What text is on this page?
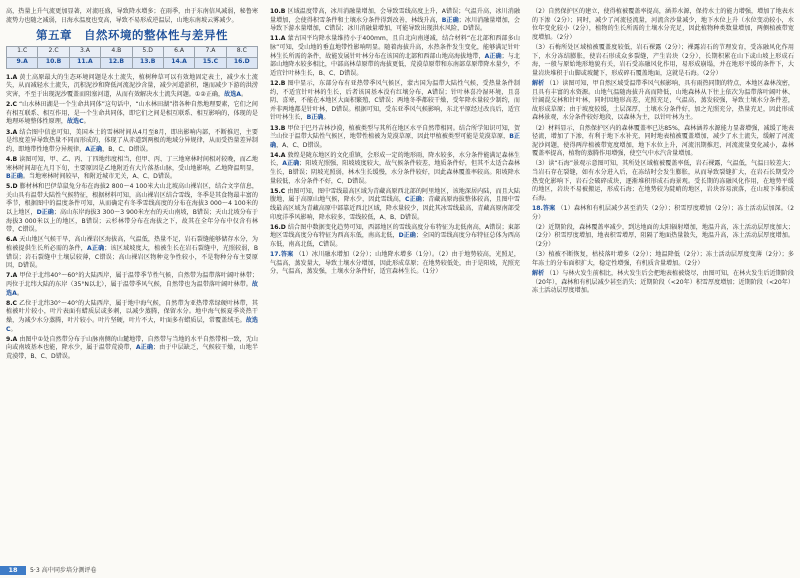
高，热量上升气流更加显著，对流旺盛，导致降水增多；在雨季，由于东南信风减弱，秘鲁寒流势力也随之减弱，日海水温度也变高，导致不易形成逆温层，山地东南坡云雾减少。

第五章　自然环境的整体性与差异性
1.C	2.C	3.A	4.B	5.D	6.A	7.A	8.C
9.A	10.B	11.A	12.B	13.B	14.A	15.C	16.D

1.A 黄土高原最大的生态环境问题是水土流失，植树种草可以有效地固定表土，减少水土流失，从而减轻水土流失，沉积泥沙和降低河流泥沙含量，减少河道淤积，继而减少下游的洪涝灾害，不至于出现泥沙覆盖而阻塞河道，从而有效解决水土流失问题。①②正确，故选A。

2.C “山水林田湖是一个生命共同体”这句话中，“山水林田湖”指各种自然地理要素，它们之间有相互联系、相互作用，是一个生命共同体，即它们之间是相互联系、相互影响的，体现的是地理环境整体性原理，故选C。

3.A 结合图中信息可知，美国本土的雪林时间从4月至8月，即出影响内部，不断推迟，主要是纬度差异导致热量不同而形成的，体现了从赤道到两极的地域分异规律，从而受热量差异制约，即地带性地带分异规律，A正确，B、C、D错误。

4.B 读图可知，甲、乙、丙、丁四地纬度相当，但甲、丙、丁三地寒林时间相对较晚，而乙地寒林时间却在九月下旬，主要原因是乙地附近有大片落基山脉，受山地影响，乙地降温明显，B正确。当地寒林时间较早，和附近城市无关，A、C、D错误。

5.D 膨材林和巴伊草鼠兔分布在海拔2 800～4 100米大山北坡高山裸岩区，结合文字信息，关山具有温带大陆性气候特征，根据材料可知，高山裸岩区结合雪线，冬季是其食物最丰富的季节，根据图中的温度条件可知，从而确定有冬季雪线高度的分布在海拔3 000～4 100米的以上地区，D正确；高山东岸海拔3 300～3 900米左右的天山南坡，B错误；天山北坡分布于海拔3 000米以上的地区，B错误；云杉林带分布在海拔之下，故其在全年分布中仅含有林带，C错误。

6.A 天山地区气候干旱，高山裸岩区海拔高，气温低，热量不足，岩石裂缝能够储存水分，为植被提供生长所必需的条件，A正确；该区域坡度大，植被生长在岩石裂缝中，光照较弱，B错误；岩石裂缝中土壤层较薄，C错误；高山裸岩区物种竞争性较小，不是物种分布主要原因，D错误。

7.A 甲位于北纬40°～60°的大陆西岸，属于温带季节性气候，自然带为温带落叶阔叶林带；丙位于北纬大陆的东岸（35°N以北），属于温带季风气候，自然带也为温带落叶阔叶林带。故选A。

8.C 乙位于北纬30°～40°的大陆西岸，属于地中海气候，自然带为亚热带常绿硬叶林带，其植被叶片较小，叶片表面有蜡质层或多刺，以减少蒸腾，保留水分。地中海气候夏季炎热干燥，为减少水分蒸腾，叶片较小。叶片坚硬，叶片不大，叶面多有蜡质层，常覆盖绒毛。故选C。

9.A 由图中①处自然带分布于山脉南侧的山麓地带，自然带与当地的水平自然带相一致，无山向或南坡基本也能，降水少，属于温带荒漠带，A正确；由于中层缺乏，气候较干燥，山地半荒漠带，B、C、D错误。

10.B 区域温度带高，冰川消融量增加，会导致雪线高度上升，A错误；气温升高，冰川消融量增加，会使得积雪条件和土壤水分条件得到改善，林线升高，B正确；冰川消融量增加，会导致下游水量增加，C错误；冰川消融量增加，可能导致出现洪水风险，D错误。

11.A 蒙古国平均降水量维持小于400mm，且自北向南递减，结合材料“在北部和西部多山脉”可知，受山地的垂直地带性影响明显。随着海拔升高，水热条件发生变化，能够满足针叶林生长所需的条件，故能发展针叶林分布在该国的北部和西部山地高海拔地带，A正确；与北部山地降水较多相比，中部高林草原带的海拔更低，荒漠草原带和东南部草原带降水量少，不适宜针叶林生长，B、C、D错误。

12.B 图中显示，东部分布有亚热带季风气候区，蒙古国为温带大陆性气候，受热量条件制约，不适宜针叶林的生长，后者该国基本没有红壤分布，A错误；针叶林喜冷湿环境，且喜阴、喜寒，不能在本地区大面积繁殖，C错误；两地冬季都较干燥，受年降水量较少制约，而并非两地都是针叶林，D错误。根据可知，受东亚季风气候影响，东北平原经过改良后，适宜针叶林生长，B正确。

13.B 甲位于巴丹吉林沙漠，植被类型与其所在地区水平自然带相同。结合所学知识可知，贺兰山位于温带大陆性气候区，地带性植被为荒漠草原，因此甲植被类型可能是荒漠草原，B正确，A、C、D错误。

14.A 敦煌是陇东地区的文化重镇，会形成一定的地形雨，降水较多，水分条件能满足森林生长，A正确；阳坡光照强，阳坡坡度较大，故气候条件较差，地质条件好，但其不太适合森林生长，B错误；阴坡光照弱，林木生长缓慢，水分条件较好，因此森林覆盖率较高。阳坡降水量较低，水分条件不好，C、D错误。

15.C 由图可知，图中雪线最高区域为青藏高原西北部的阿里地区，该地深居内陆，而且大陆腹地，属于高原山地气候，降水少，因此雪线高，C正确；青藏高原海拔整体较高，且图中雪线最高区域为青藏高原中部靠近西北区域，降水量较少，因此其冰雪线最高，青藏高原南部受印度洋季风影响，降水较多，雪线较低，A、B、D错误。

16.D 结合图中数据变化趋势可知，西部地区的雪线高度分布特征为北低南高，A错误；東部地区雪线高度分布特征为西高东低，南高北低，D正确；全国的雪线高度分布特征总体为西高东低，南高北低，C错误。

17.答案 （1）冰川融水增加（2分）；山地降水增多（1分）。（2）由于地势较高，光照足，气温高，蒸发量大，导致土壤水分增加，因此形成草原；在地势较低处，由于是阳坡，光照充分，气温高，蒸发强，土壤水分条件好，适宜森林生长。（1分）

（2）自然保护区的建立，使得植被覆盖率提高，涵养水源，保持水土的能力增强，增加了地表水的下渗（2分）；同时，减少了河流径流量，河流含沙量减少，地下水位上升（水位变动较小，水位年变化较小（2分），植物的生长所需的土壤水分充足，因此植物种类数量增加，两侧植被带宽度增加。（2分）

（3）石梅所处区域植被覆盖度较低，岩石裸露（2分）；裸露岩石的节理发育，受冻融风化作用下，水分冻结膨胀，使岩石形成众多裂缝，产生岩块（2分），长期积累在山下或山坡上形成石海，一般与原始地形地貌有关，岩石受冻融风化作用，易形成崩塌，并在地形平缓的条件下，大量岩块堆积于山脚或坡麓下，形成碎石覆盖地面，这就是石海。（2分）

解析 （1）读图可知，甲自然区域受温带季风气候影响，具有雨热同期的特点，本地区森林茂密，且具有丰富的水资源。山地气温随海拔升高而降低，山地森林从下往上依次为温带落叶阔叶林、针阔混交林和针叶林，同时因地形高差，光照充足，气温高，蒸发较强，导致土壤水分条件差，故形成草原；由于坡度较缓，土层深厚，土壤水分条件好，加之光照充分，热量充足，因此形成森林景观，水分条件较好地段，以森林为主，以针叶林为主。

（2）材料显示，自然保护区内的森林覆盖率已达85%，森林涵养水源能力显著增强，减缓了地表径流，增加了下渗，有利于地下水补充，同时地表植被覆盖增加，减少了水土流失，缓解了河流泥沙问题，使得两岸植被带宽度增加，地下水位上升，河流汛期推迟，河流流量变化减小，森林覆盖率提高，植物的蒸腾作用增强，使空气中水汽含量增加。

（3）读“石海”景观示意图可知，其所处区域植被覆盖率低，岩石裸露，气温低，气温日较差大；当岩石存在裂缝，如有水分进入后，在冻结时会发生膨胀，从而导致裂缝扩大，在岩石长期受冷热变化影响下，岩石会破碎成块，逐渐堆积形成石海景观。受长期的冻融风化作用，在地势平缓的地区，岩块不易被搬运，形成石海；在地势较为陡峭的地区，岩块容易滚落，在山坡下堆积成石海。

18.答案 （1）森林和有机层减少甚至消失（2分）；积雪厚度增加（2分）；冻土活动层加深。（2分）

（2）近期阶段，森林覆盖率减少，到达地面的太阳辐射增加，地温升高，冻土活动层厚度加大；（2分）积雪厚度增加，地表积雪增厚，阻隔了地面热量散失，地温升高，冻土活动层厚度增加。（2分）

（3）植被不断恢复，枯枝落叶增多（2分）；地温降低（2分）；冻土活动层厚度变薄（2分）；多年冻土的分布面积扩大，稳定性增强，有机质含量增加。（2分）

解析 （1）与林火发生前相比，林火发生后会把地表植被烧尽，由图可知，在林火发生后近期阶段（20年），森林和有机层减少甚至消失；近期阶段（<20年）积雪厚度增加；近期阶段（<20年）冻土活动层厚度增加。

18	5·3 高中同步培分测评卷
